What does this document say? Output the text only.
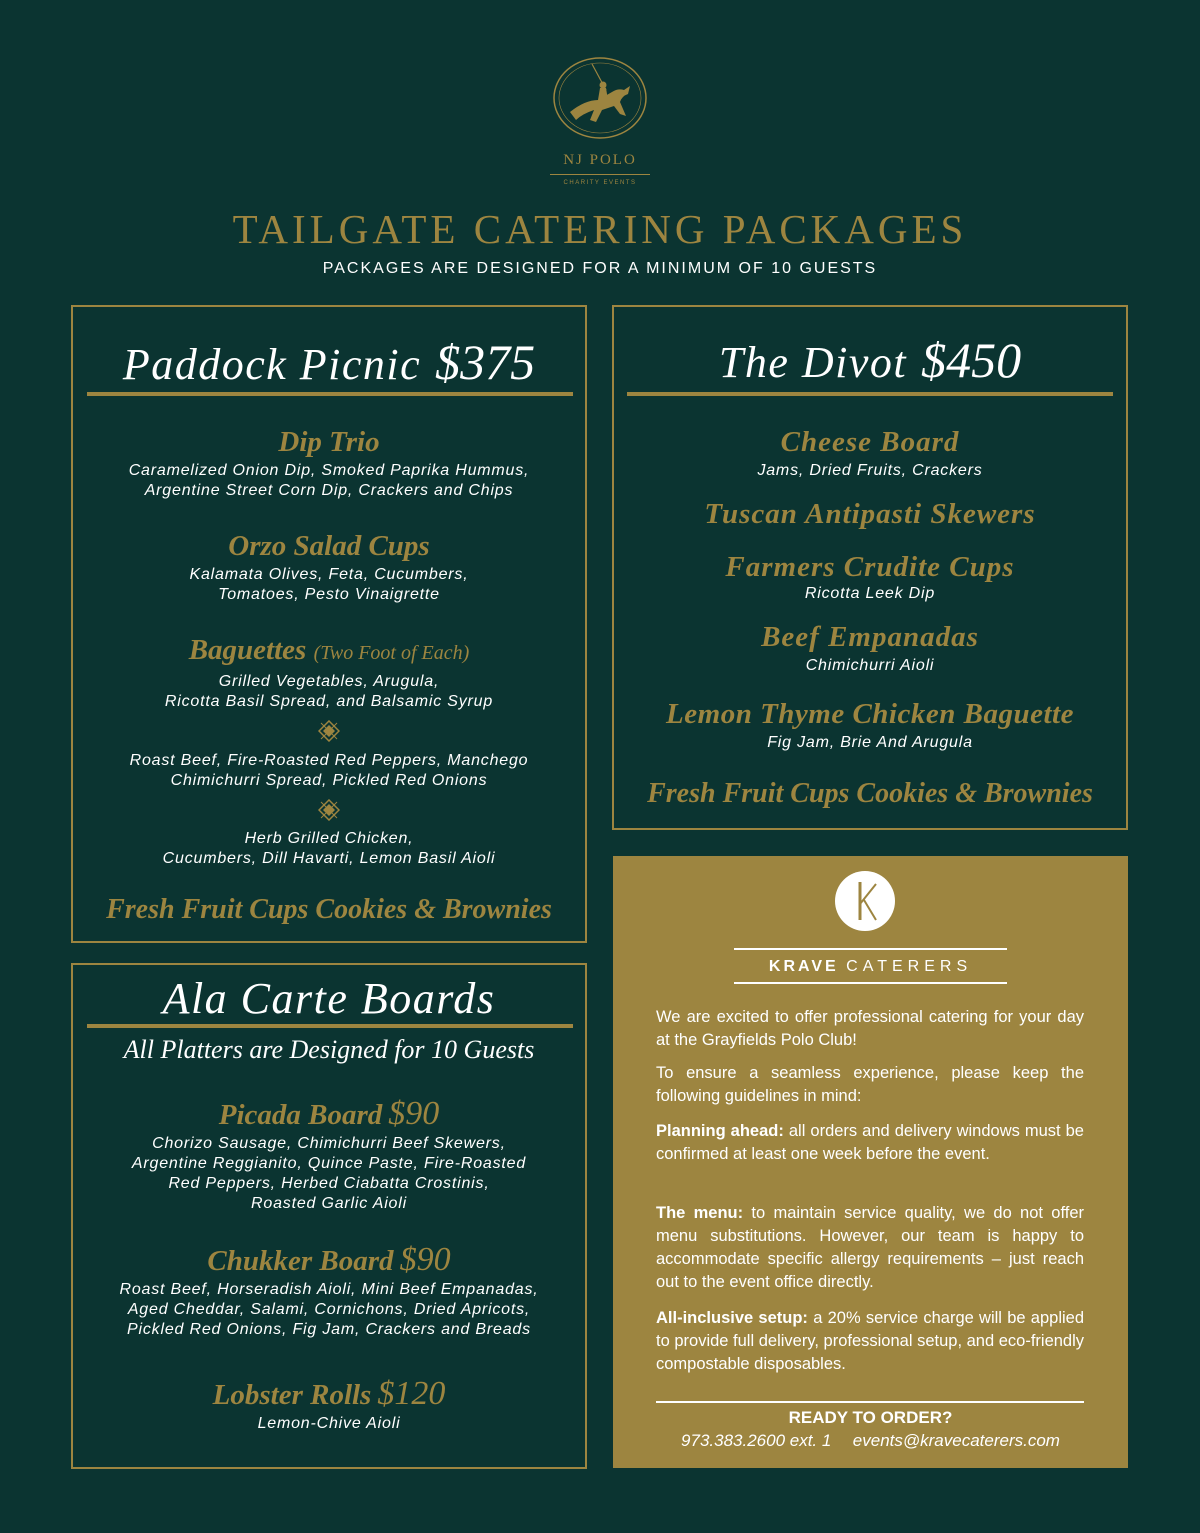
NJ POLO
CHARITY EVENTS
TAILGATE CATERING PACKAGES
PACKAGES ARE DESIGNED FOR A MINIMUM OF 10 GUESTS
Paddock Picnic $375
Dip Trio
Caramelized Onion Dip, Smoked Paprika Hummus,
Argentine Street Corn Dip, Crackers and Chips
Orzo Salad Cups
Kalamata Olives, Feta, Cucumbers,
Tomatoes, Pesto Vinaigrette
Baguettes (Two Foot of Each)
Grilled Vegetables, Arugula,
Ricotta Basil Spread, and Balsamic Syrup
Roast Beef, Fire-Roasted Red Peppers, Manchego
Chimichurri Spread, Pickled Red Onions
Herb Grilled Chicken,
Cucumbers, Dill Havarti, Lemon Basil Aioli
Fresh Fruit Cups Cookies & Brownies
The Divot $450
Cheese Board
Jams, Dried Fruits, Crackers
Tuscan Antipasti Skewers
Farmers Crudite Cups
Ricotta Leek Dip
Beef Empanadas
Chimichurri Aioli
Lemon Thyme Chicken Baguette
Fig Jam, Brie And Arugula
Fresh Fruit Cups Cookies & Brownies
Ala Carte Boards
All Platters are Designed for 10 Guests
Picada Board $90
Chorizo Sausage, Chimichurri Beef Skewers,
Argentine Reggianito, Quince Paste, Fire-Roasted
Red Peppers, Herbed Ciabatta Crostinis,
Roasted Garlic Aioli
Chukker Board $90
Roast Beef, Horseradish Aioli, Mini Beef Empanadas,
Aged Cheddar, Salami, Cornichons, Dried Apricots,
Pickled Red Onions, Fig Jam, Crackers and Breads
Lobster Rolls $120
Lemon-Chive Aioli
KRAVE CATERERS
We are excited to offer professional catering for your day at the Grayfields Polo Club!
To ensure a seamless experience, please keep the following guidelines in mind:
Planning ahead: all orders and delivery windows must be confirmed at least one week before the event.
The menu: to maintain service quality, we do not offer menu substitutions. However, our team is happy to accommodate specific allergy requirements – just reach out to the event office directly.
All-inclusive setup: a 20% service charge will be applied to provide full delivery, professional setup, and eco-friendly compostable disposables.
READY TO ORDER?
973.383.2600 ext. 1 events@kravecaterers.com
